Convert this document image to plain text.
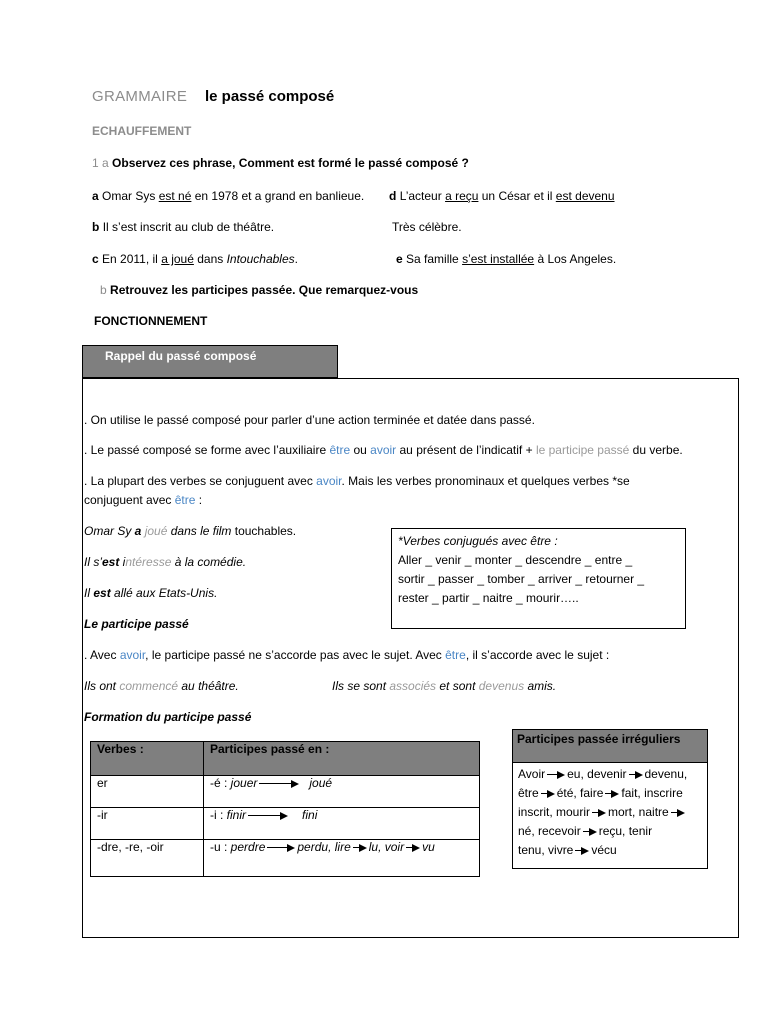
GRAMMAIRE le passé composé
ECHAUFFEMENT
1 a Observez ces phrase, Comment est formé le passé composé ?
a Omar Sys est né en 1978 et a grand en banlieue. d L’acteur a reçu un César et il est devenu
b Il s’est inscrit au club de théâtre.	Très célèbre.
c En 2011, il a joué dans Intouchables.	e Sa famille s’est installée à Los Angeles.
b Retrouvez les participes passée. Que remarquez-vous
FONCTIONNEMENT
Rappel du passé composé
. On utilise le passé composé pour parler d’une action terminée et datée dans passé.
. Le passé composé se forme avec l’auxiliaire être ou avoir au présent de l’indicatif + le participe passé du verbe.
. La plupart des verbes se conjuguent avec avoir. Mais les verbes pronominaux et quelques verbes *se
conjuguent avec être :
Omar Sy a joué dans le film touchables.
Il s’est intéresse à la comédie.
Il est allé aux Etats-Unis.
Le participe passé
. Avec avoir, le participe passé ne s’accorde pas avec le sujet. Avec être, il s’accorde avec le sujet :
Ils ont commencé au théâtre.	Ils se sont associés et sont devenus amis.
Formation du participe passé
*Verbes conjugués avec être :
Aller _ venir _ monter _ descendre _ entre _
sortir _ passer _ tomber _ arriver _ retourner _
rester _ partir _ naitre _ mourir…..
Verbes :	Participes passé en :
er	-é : jouer joué
-ir	-i : finir fini
-dre, -re, -oir	-u : perdre perdu, lire lu, voir vu
Participes passée irréguliers
Avoir eu, devenir devenu,
être été, faire fait, inscrire
inscrit, mourir mort, naitre
né, recevoir reçu, tenir
tenu, vivre vécu
